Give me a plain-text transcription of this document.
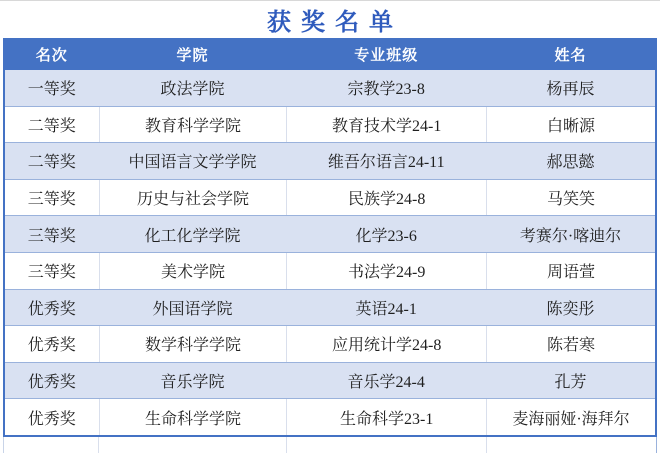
获奖名单
名次	学院	专业班级	姓名
一等奖	政法学院	宗教学23-8	杨再辰
二等奖	教育科学学院	教育技术学24-1	白晰源
二等奖	中国语言文学学院	维吾尔语言24-11	郝思懿
三等奖	历史与社会学院	民族学24-8	马笑笑
三等奖	化工化学学院	化学23-6	考赛尔·喀迪尔
三等奖	美术学院	书法学24-9	周语萱
优秀奖	外国语学院	英语24-1	陈奕彤
优秀奖	数学科学学院	应用统计学24-8	陈若寒
优秀奖	音乐学院	音乐学24-4	孔芳
优秀奖	生命科学学院	生命科学23-1	麦海丽娅·海拜尔
